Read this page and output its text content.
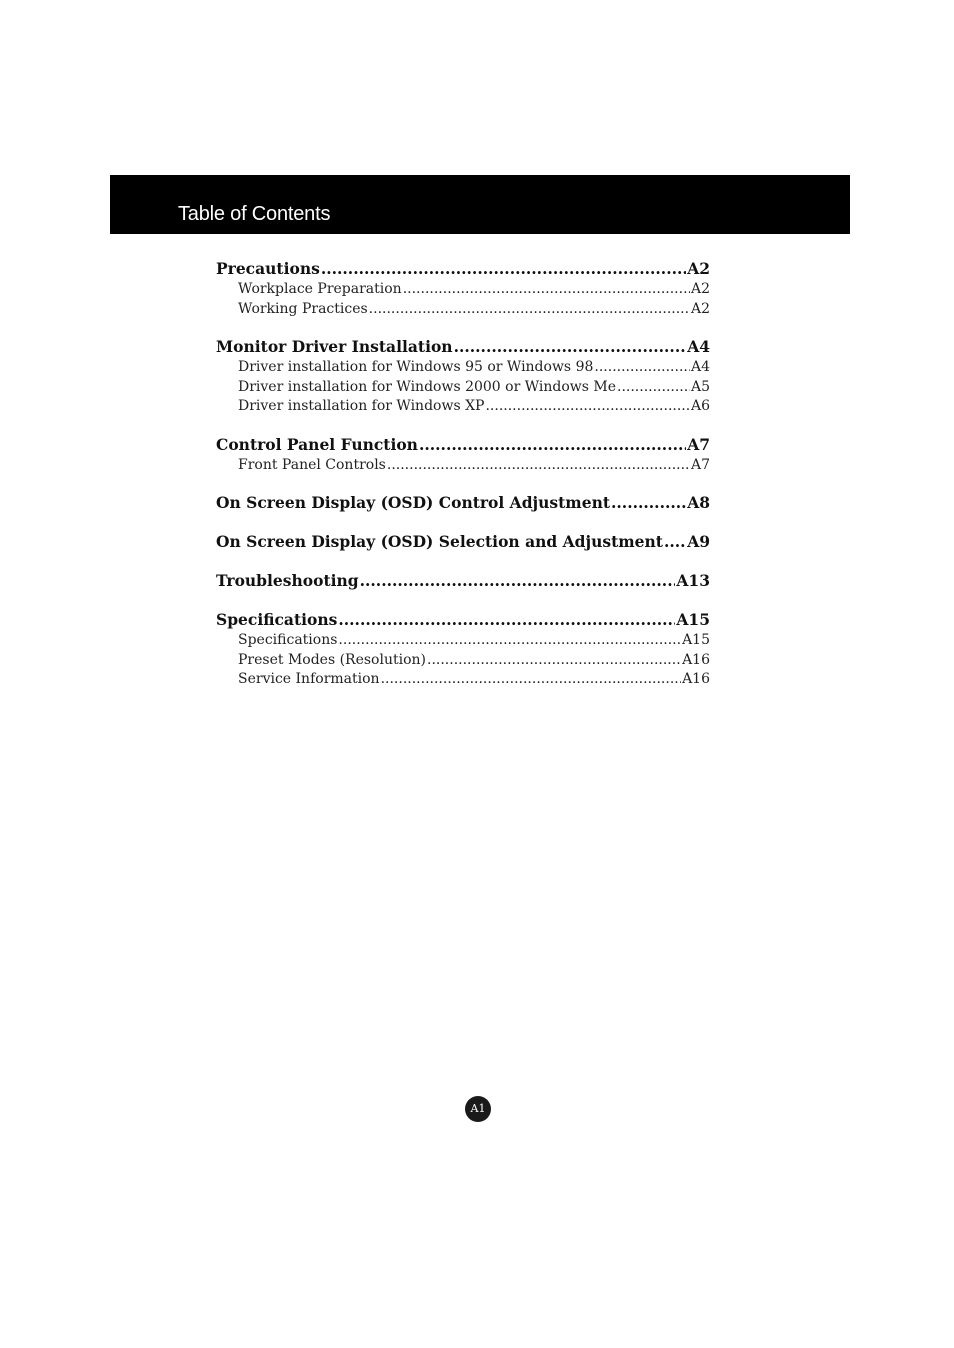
Table of Contents
Precautions .....	A2
Workplace Preparation .....	A2
Working Practices .....	A2
Monitor Driver Installation .....	A4
Driver installation for Windows 95 or Windows 98 .....	A4
Driver installation for Windows 2000 or Windows Me .....	A5
Driver installation for Windows XP .....	A6
Control Panel Function .....	A7
Front Panel Controls .....	A7
On Screen Display (OSD) Control Adjustment .....	A8
On Screen Display (OSD) Selection and Adjustment ..... A9
Troubleshooting .....	A13
Specifications .....	A15
Specifications .....	A15
Preset Modes (Resolution) .....	A16
Service Information .....	A16
A1
